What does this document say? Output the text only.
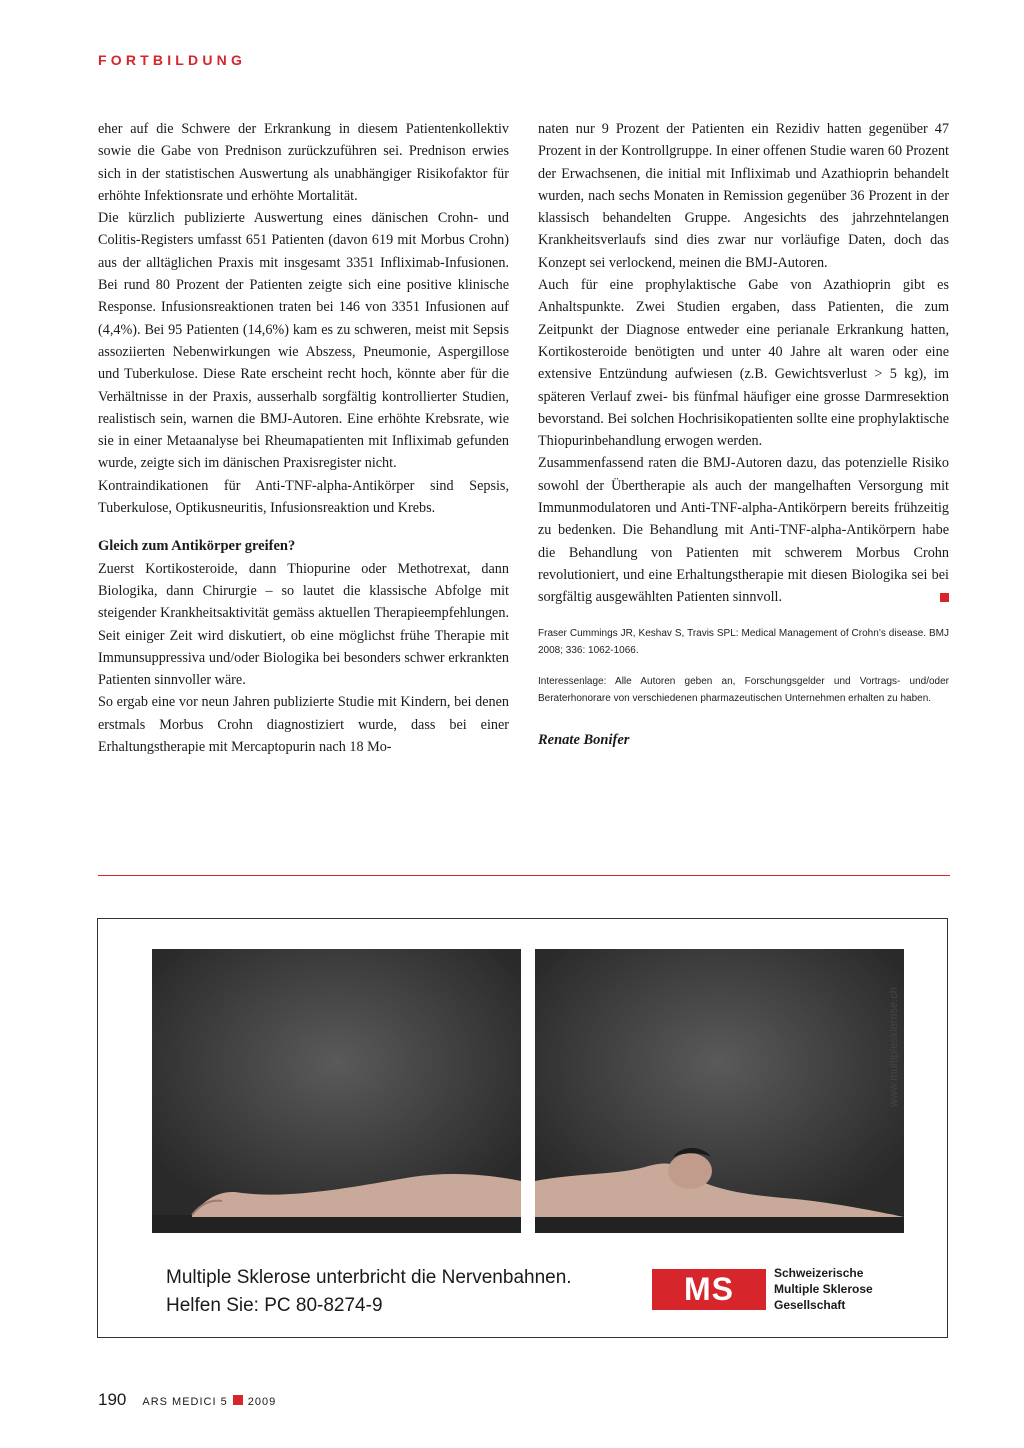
FORTBILDUNG

eher auf die Schwere der Erkrankung in diesem Patientenkollektiv sowie die Gabe von Prednison zurückzuführen sei. Prednison erwies sich in der statistischen Auswertung als unabhängiger Risikofaktor für erhöhte Infektionsrate und erhöhte Mortalität.

Die kürzlich publizierte Auswertung eines dänischen Crohn- und Colitis-Registers umfasst 651 Patienten (davon 619 mit Morbus Crohn) aus der alltäglichen Praxis mit insgesamt 3351 Infliximab-Infusionen. Bei rund 80 Prozent der Patienten zeigte sich eine positive klinische Response. Infusionsreaktionen traten bei 146 von 3351 Infusionen auf (4,4%). Bei 95 Patienten (14,6%) kam es zu schweren, meist mit Sepsis assoziierten Nebenwirkungen wie Abszess, Pneumonie, Aspergillose und Tuberkulose. Diese Rate erscheint recht hoch, könnte aber für die Verhältnisse in der Praxis, ausserhalb sorgfältig kontrollierter Studien, realistisch sein, warnen die BMJ-Autoren. Eine erhöhte Krebsrate, wie sie in einer Metaanalyse bei Rheumapatienten mit Infliximab gefunden wurde, zeigte sich im dänischen Praxisregister nicht.

Kontraindikationen für Anti-TNF-alpha-Antikörper sind Sepsis, Tuberkulose, Optikusneuritis, Infusionsreaktion und Krebs.

Gleich zum Antikörper greifen?

Zuerst Kortikosteroide, dann Thiopurine oder Methotrexat, dann Biologika, dann Chirurgie – so lautet die klassische Abfolge mit steigender Krankheitsaktivität gemäss aktuellen Therapieempfehlungen. Seit einiger Zeit wird diskutiert, ob eine möglichst frühe Therapie mit Immunsuppressiva und/oder Biologika bei besonders schwer erkrankten Patienten sinnvoller wäre.

So ergab eine vor neun Jahren publizierte Studie mit Kindern, bei denen erstmals Morbus Crohn diagnostiziert wurde, dass bei einer Erhaltungstherapie mit Mercaptopurin nach 18 Mo-

naten nur 9 Prozent der Patienten ein Rezidiv hatten gegenüber 47 Prozent in der Kontrollgruppe. In einer offenen Studie waren 60 Prozent der Erwachsenen, die initial mit Infliximab und Azathioprin behandelt wurden, nach sechs Monaten in Remission gegenüber 36 Prozent in der klassisch behandelten Gruppe. Angesichts des jahrzehntelangen Krankheitsverlaufs sind dies zwar nur vorläufige Daten, doch das Konzept sei verlockend, meinen die BMJ-Autoren.

Auch für eine prophylaktische Gabe von Azathioprin gibt es Anhaltspunkte. Zwei Studien ergaben, dass Patienten, die zum Zeitpunkt der Diagnose entweder eine perianale Erkrankung hatten, Kortikosteroide benötigten und unter 40 Jahre alt waren oder eine extensive Entzündung aufwiesen (z.B. Gewichtsverlust > 5 kg), im späteren Verlauf zwei- bis fünfmal häufiger eine grosse Darmresektion bevorstand. Bei solchen Hochrisikopatienten sollte eine prophylaktische Thiopurinbehandlung erwogen werden.

Zusammenfassend raten die BMJ-Autoren dazu, das potenzielle Risiko sowohl der Übertherapie als auch der mangelhaften Versorgung mit Immunmodulatoren und Anti-TNF-alpha-Antikörpern bereits frühzeitig zu bedenken. Die Behandlung mit Anti-TNF-alpha-Antikörpern habe die Behandlung von Patienten mit schwerem Morbus Crohn revolutioniert, und eine Erhaltungstherapie mit diesen Biologika sei bei sorgfältig ausgewählten Patienten sinnvoll.

Fraser Cummings JR, Keshav S, Travis SPL: Medical Management of Crohn’s disease. BMJ 2008; 336: 1062-1066.

Interessenlage: Alle Autoren geben an, Forschungsgelder und Vortrags- und/oder Beraterhonorare von verschiedenen pharmazeutischen Unternehmen erhalten zu haben.

Renate Bonifer

www.multiplesklerose.ch
Multiple Sklerose unterbricht die Nervenbahnen.
Helfen Sie: PC 80-8274-9	MS	Schweizerische
Multiple Sklerose
Gesellschaft
190 ARS MEDICI 5 2009
